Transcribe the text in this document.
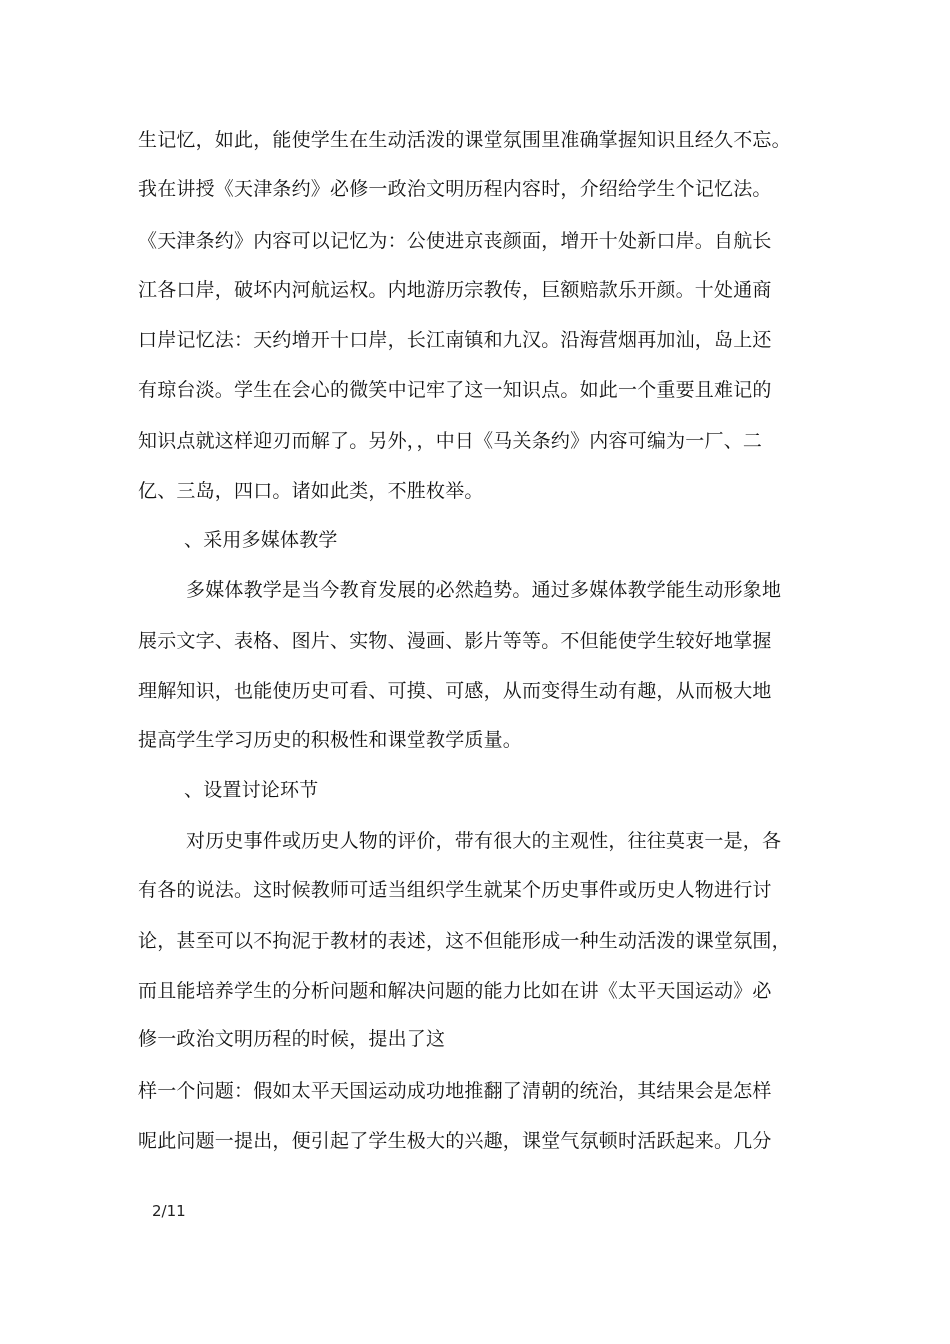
生记忆，如此，能使学生在生动活泼的课堂氛围里准确掌握知识且经久不忘。
我在讲授《天津条约》必修一政治文明历程内容时，介绍给学生个记忆法。
《天津条约》内容可以记忆为：公使进京丧颜面，增开十处新口岸。自航长
江各口岸，破坏内河航运权。内地游历宗教传，巨额赔款乐开颜。十处通商
口岸记忆法：天约增开十口岸，长江南镇和九汉。沿海营烟再加汕，岛上还
有琼台淡。学生在会心的微笑中记牢了这一知识点。如此一个重要且难记的
知识点就这样迎刃而解了。另外，，中日《马关条约》内容可编为一厂、二
亿、三岛，四口。诸如此类，不胜枚举。
、采用多媒体教学
多媒体教学是当今教育发展的必然趋势。通过多媒体教学能生动形象地
展示文字、表格、图片、实物、漫画、影片等等。不但能使学生较好地掌握
理解知识，也能使历史可看、可摸、可感，从而变得生动有趣，从而极大地
提高学生学习历史的积极性和课堂教学质量。
、设置讨论环节
对历史事件或历史人物的评价，带有很大的主观性，往往莫衷一是，各
有各的说法。这时候教师可适当组织学生就某个历史事件或历史人物进行讨
论，甚至可以不拘泥于教材的表述，这不但能形成一种生动活泼的课堂氛围，
而且能培养学生的分析问题和解决问题的能力比如在讲《太平天国运动》必
修一政治文明历程的时候，提出了这
样一个问题：假如太平天国运动成功地推翻了清朝的统治，其结果会是怎样
呢此问题一提出，便引起了学生极大的兴趣，课堂气氛顿时活跃起来。几分
2/11
